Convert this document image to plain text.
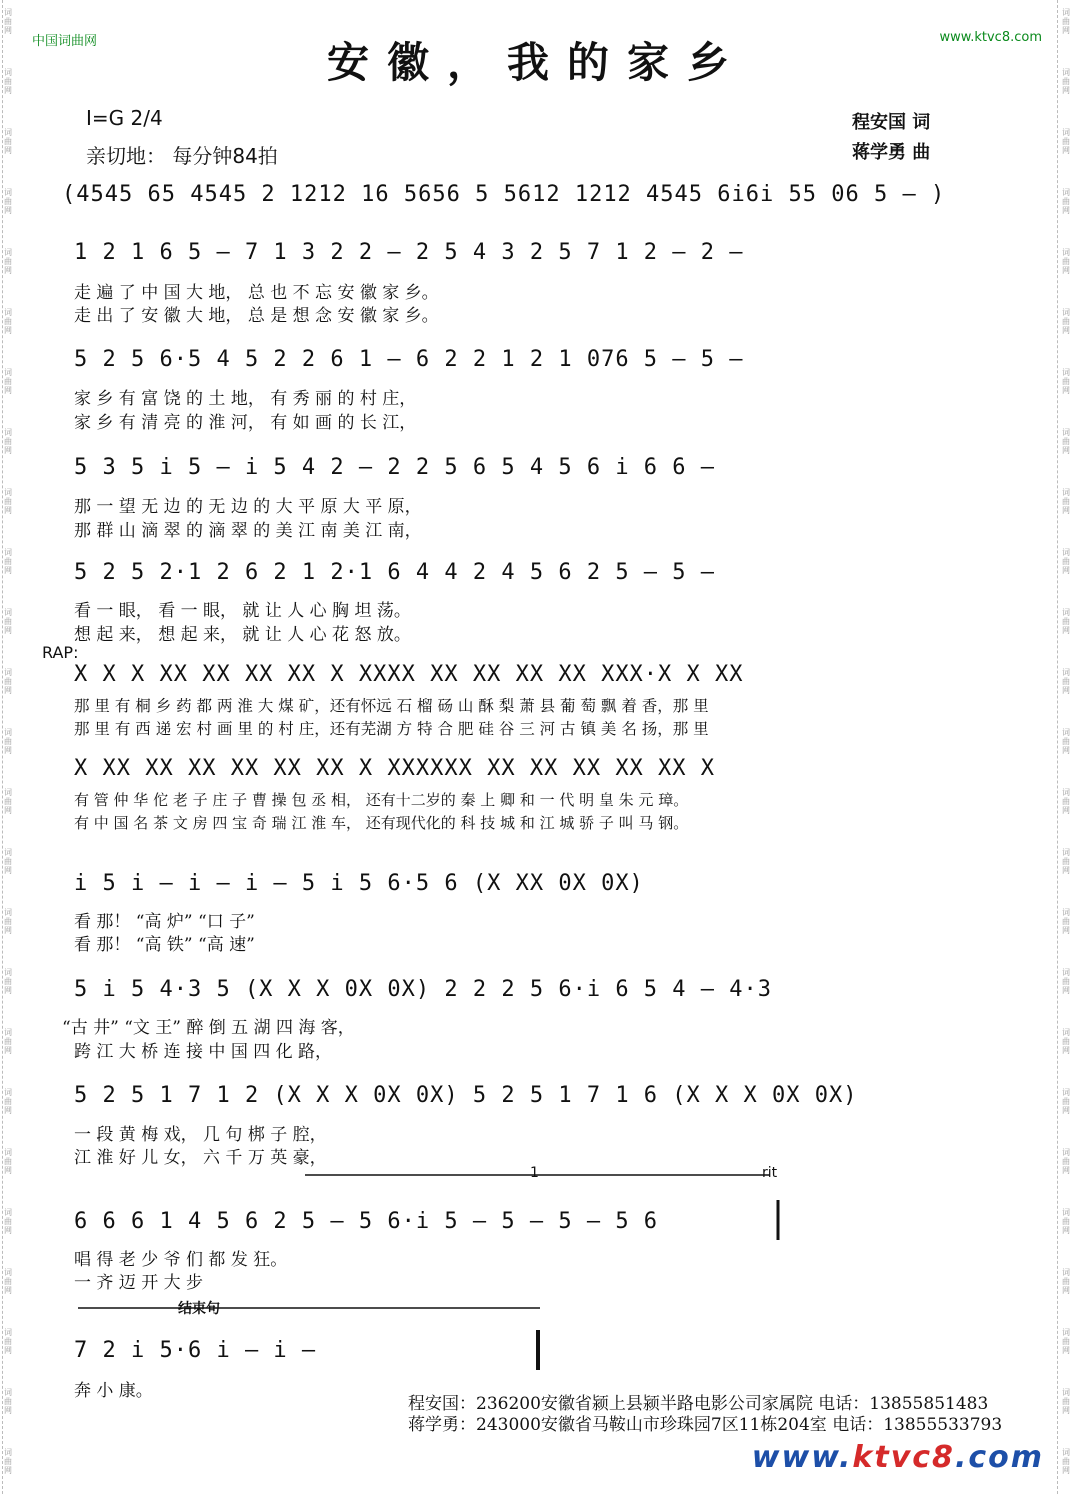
词
曲
网
词
曲
网
词
曲
网
词
曲
网
词
曲
网
词
曲
网
词
曲
网
词
曲
网
词
曲
网
词
曲
网
词
曲
网
词
曲
网
词
曲
网
词
曲
网
词
曲
网
词
曲
网
词
曲
网
词
曲
网
词
曲
网
词
曲
网
词
曲
网
词
曲
网
词
曲
网
词
曲
网
词
曲
网
词
曲
网
词
曲
网
词
曲
网
词
曲
网
词
曲
网
词
曲
网
词
曲
网
词
曲
网
词
曲
网
词
曲
网
词
曲
网
词
曲
网
词
曲
网
词
曲
网
词
曲
网
词
曲
网
词
曲
网
词
曲
网
词
曲
网
词
曲
网
词
曲
网
词
曲
网
词
曲
网
词
曲
网
词
曲
网
中国词曲网	www.ktvc8.com
安徽，我的家乡
I=G 2/4
亲切地： 每分钟84拍
程安国 词
蒋学勇 曲
RAP:
(4545 65 4545 2 1212 16 5656 5 5612 1212 4545 6i6i 55 06 5 — )
1 2 1 6 5 — 7 1 3 2 2 — 2 5 4 3 2 5 7 1 2 — 2 —
走 遍 了 中 国 大 地， 总 也 不 忘 安 徽 家 乡。
走 出 了 安 徽 大 地， 总 是 想 念 安 徽 家 乡。
5 2 5 6·5 4 5 2 2 6 1 — 6 2 2 1 2 1 076 5 — 5 —
家 乡 有 富 饶 的 土 地， 有 秀 丽 的 村 庄，
家 乡 有 清 亮 的 淮 河， 有 如 画 的 长 江，
5 3 5 i 5 — i 5 4 2 — 2 2 5 6 5 4 5 6 i 6 6 —
那 一 望 无 边 的 无 边 的 大 平 原 大 平 原，
那 群 山 滴 翠 的 滴 翠 的 美 江 南 美 江 南，
5 2 5 2·1 2 6 2 1 2·1 6 4 4 2 4 5 6 2 5 — 5 —
看 一 眼， 看 一 眼， 就 让 人 心 胸 坦 荡。
想 起 来， 想 起 来， 就 让 人 心 花 怒 放。
X X X XX XX XX XX X XXXX XX XX XX XX XXX·X X XX
那 里 有 桐 乡 药 都 两 淮 大 煤 矿，还有怀远 石 榴 砀 山 酥 梨 萧 县 葡 萄 飘 着 香，那 里
那 里 有 西 递 宏 村 画 里 的 村 庄，还有芜湖 方 特 合 肥 硅 谷 三 河 古 镇 美 名 扬，那 里
X XX XX XX XX XX XX X XXXXXX XX XX XX XX XX X
有 管 仲 华 佗 老 子 庄 子 曹 操 包 丞 相， 还有十二岁的 秦 上 卿 和 一 代 明 皇 朱 元 璋。
有 中 国 名 茶 文 房 四 宝 奇 瑞 江 淮 车， 还有现代化的 科 技 城 和 江 城 骄 子 叫 马 钢。
i 5 i — i — i — 5 i 5 6·5 6 (X XX 0X 0X)
看 那！ “高 炉” “口 子”
看 那！ “高 铁” “高 速”
5 i 5 4·3 5 (X X X 0X 0X) 2 2 2 5 6·i 6 5 4 — 4·3
“古 井” “文 王” 醉 倒 五 湖 四 海 客，
跨 江 大 桥 连 接 中 国 四 化 路，
5 2 5 1 7 1 2 (X X X 0X 0X) 5 2 5 1 7 1 6 (X X X 0X 0X)
一 段 黄 梅 戏， 几 句 梆 子 腔，
江 淮 好 儿 女， 六 千 万 英 豪，
1	rit
6 6 6 1 4 5 6 2 5 — 5 6·i 5 — 5 — 5 — 5 6
唱 得 老 少 爷 们 都 发 狂。
一 齐 迈 开 大 步
结束句
7 2 i 5·6 i — i —
奔 小 康。
程安国：236200安徽省颍上县颍半路电影公司家属院 电话：13855851483
蒋学勇：243000安徽省马鞍山市珍珠园7区11栋204室 电话：13855533793
www.ktvc8.com
